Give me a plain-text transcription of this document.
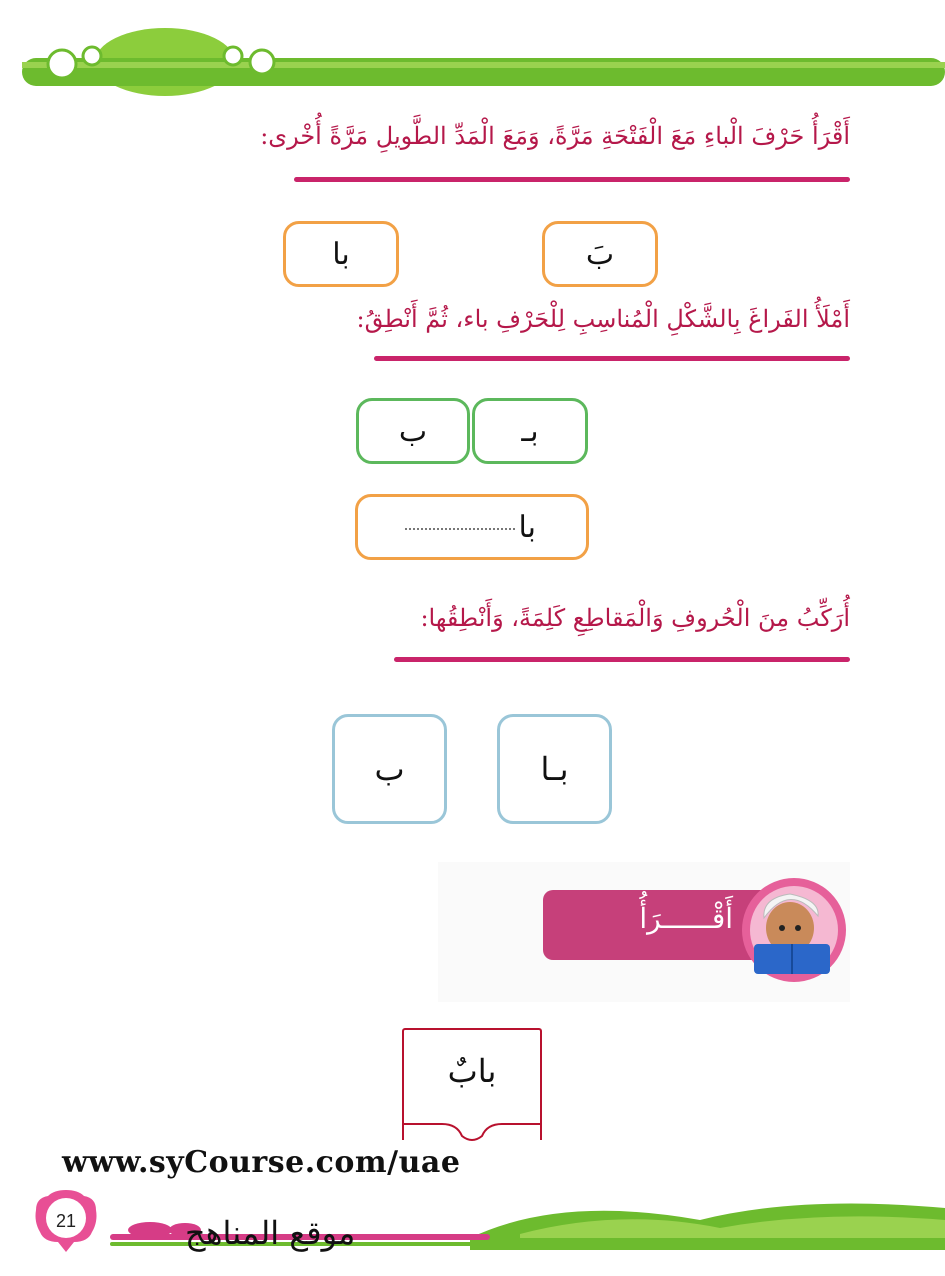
أَقْرَأُ حَرْفَ الْباءِ مَعَ الْفَتْحَةِ مَرَّةً، وَمَعَ الْمَدِّ الطَّويلِ مَرَّةً أُخْرى:
بَ
با
أَمْلَأُ الفَراغَ بِالشَّكْلِ الْمُناسِبِ لِلْحَرْفِ باء، ثُمَّ أَنْطِقُ:
بـ
ب
با
أُرَكِّبُ مِنَ الْحُروفِ وَالْمَقاطِعِ كَلِمَةً، وَأَنْطِقُها:
بـا
ب
أَقْــــــرَأُ
بابٌ
www.syCourse.com/uae
21	موقع المناهج
